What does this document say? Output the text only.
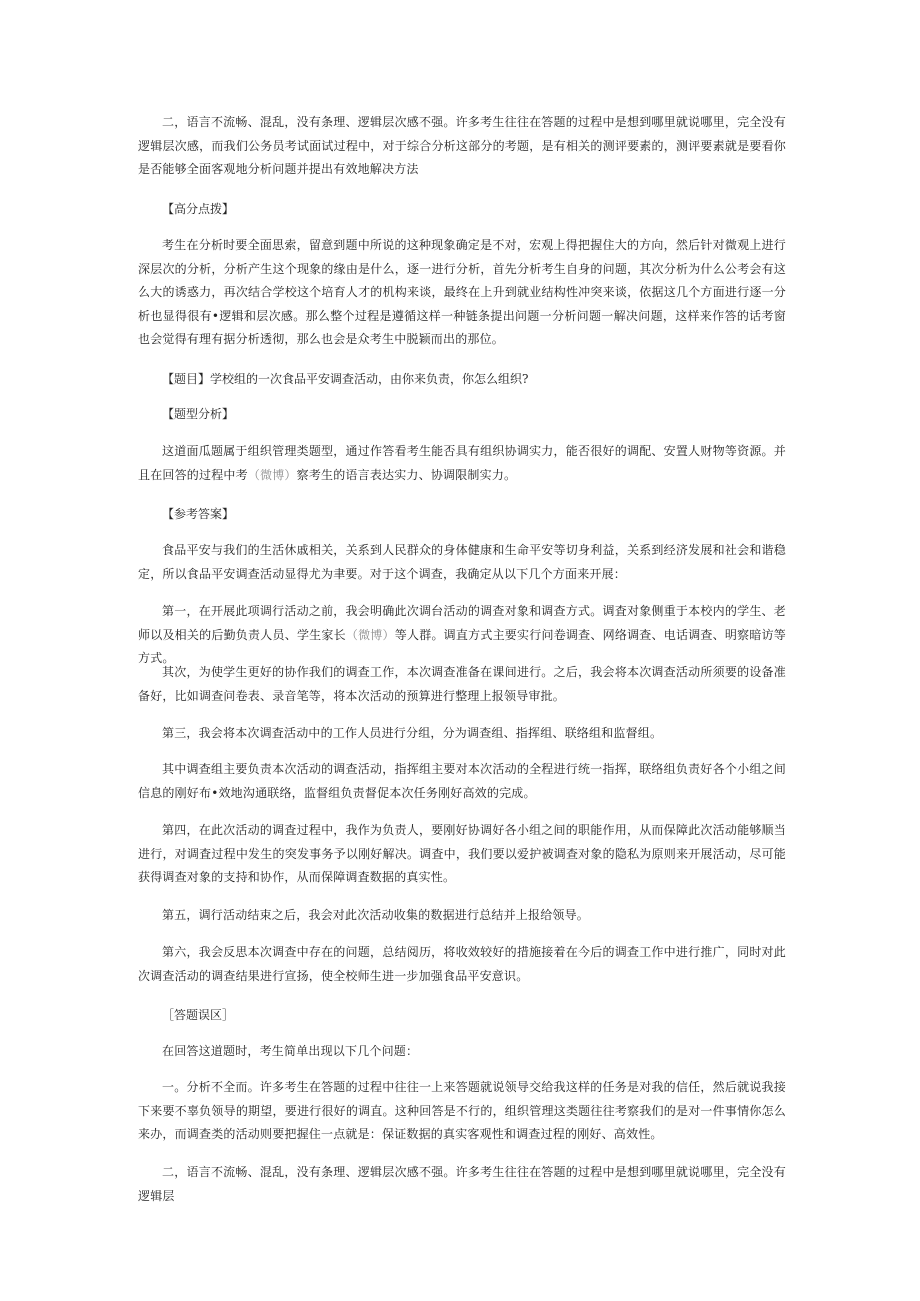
二，语言不流畅、混乱，没有条理、逻辑层次感不强。许多考生往往在答题的过程中是想到哪里就说哪里，完全没有逻辑层次感，而我们公务员考试面试过程中，对于综合分析这部分的考题，是有相关的测评要素的，测评要素就是要看你是否能够全面客观地分析问题并提出有效地解决方法

【高分点拨】

考生在分析时要全面思索，留意到题中所说的这种现象确定是不对，宏观上得把握住大的方向，然后针对微观上进行深层次的分析，分析产生这个现象的缘由是什么，逐一进行分析，首先分析考生自身的问题，其次分析为什么公考会有这么大的诱惑力，再次结合学校这个培育人才的机构来谈，最终在上升到就业结构性冲突来谈，依据这几个方面进行逐一分析也显得很有•逻辑和层次感。那么整个过程是遵循这样一种链条提出问题一分析问题一解决问题，这样来作答的话考窗也会觉得有理有据分析透彻，那么也会是众考生中脱颖而出的那位。

【题目】学校组的一次食品平安调查活动，由你来负责，你怎么组织?

【题型分析】

这道面瓜题属于组织管理类题型，通过作答看考生能否具有组织协调实力，能否很好的调配、安置人财物等资源。并且在回答的过程中考（微博）察考生的语言表达实力、协调限制实力。

【参考答案】

食品平安与我们的生活休戚相关，关系到人民群众的身体健康和生命平安等切身利益，关系到经济发展和社会和谐稳定，所以食品平安调查活动显得尤为聿要。对于这个调查，我确定从以下几个方面来开展：

第一，在开展此项调行活动之前，我会明确此次调台活动的调查对象和调查方式。调査对象侧重于本校内的学生、老师以及相关的后勤负责人员、学生家长（微博）等人群。调直方式主要实行问卷调查、网络调查、电话调查、明察暗访等方式。

其次，为使学生更好的协作我们的调查工作，本次调查准备在课间进行。之后，我会将本次调查活动所须要的设备准备好，比如调查问卷表、录音笔等，将本次活动的预算进行整理上报领导审批。

第三，我会将本次调査活动中的工作人员进行分组，分为调查组、指挥组、联络组和监督组。

其中调查组主要负责本次活动的调查活动，指挥组主要对本次活动的全程进行统一指挥，联络组负责好各个小组之间信息的刚好布•效地沟通联络，监督组负责督促本次任务刚好高效的完成。

第四，在此次活动的调査过程中，我作为负责人，要刚好协调好各小组之间的职能作用，从而保障此次活动能够顺当进行，对调査过程中发生的突发事务予以刚好解决。调査中，我们要以爱护被调查对象的隐私为原则来开展活动，尽可能获得调查对象的支持和协作，从而保障调査数据的真实性。

第五，调行活动结束之后，我会对此次活动收集的数据进行总结并上报给领导。

第六，我会反思本次调查中存在的问题，总结阅历，将收效较好的措施接着在今后的调查工作中进行推广，同时对此次调查活动的调查结果进行宣扬，使全校师生进一步加强食品平安意识。

［答题误区］

在回答这道题时，考生简单出现以下几个问题：

一。分析不全而。许多考生在答题的过程中往往一上来答题就说领导交给我这样的任务是对我的信任，然后就说我接下来要不辜负领导的期望，要进行很好的调直。这种回答是不行的，组织管理这类题往往考察我们的是对一件事情你怎么来办，而调查类的活动则要把握住一点就是：保证数据的真实客观性和调查过程的刚好、高效性。

二，语言不流畅、混乱，没有条理、逻辑层次感不强。许多考生往往在答题的过程中是想到哪里就说哪里，完全没有逻辑层
